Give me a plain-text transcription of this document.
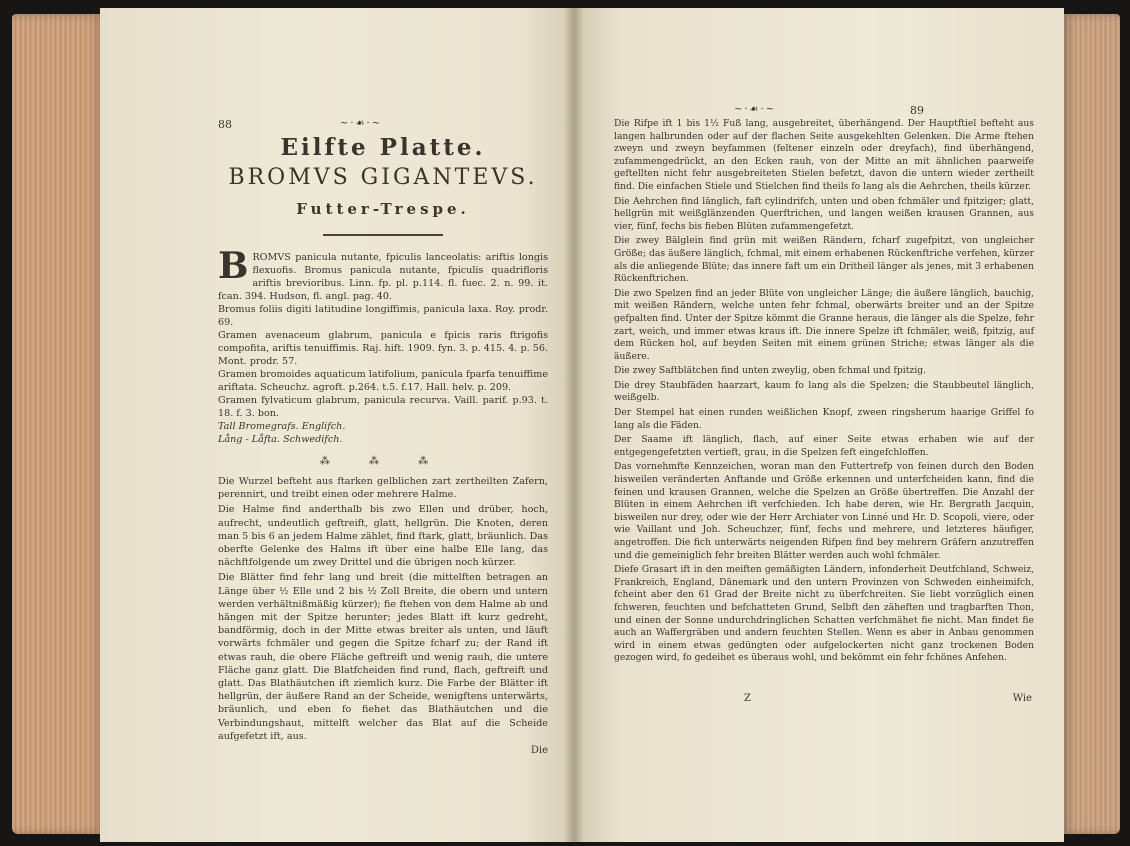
88	~·☙·~
Eilfte Platte.
BROMVS GIGANTEVS.
Futter-Trespe.

BROMVS panicula nutante, fpiculis lanceolatis: ariftis longis flexuofis. Bromus panicula nutante, fpiculis quadrifloris ariftis brevioribus. Linn. fp. pl. p.114. fl. fuec. 2. n. 99. it. fcan. 394. Hudson, fl. angl. pag. 40.

Bromus foliis digiti latitudine longiffimis, panicula laxa. Roy. prodr. 69.

Gramen avenaceum glabrum, panicula e fpicis raris ftrigofis compofita, ariftis tenuiffimis. Raj. hift. 1909. fyn. 3. p. 415. 4. p. 56. Mont. prodr. 57.

Gramen bromoides aquaticum latifolium, panicula fparfa tenuiffime ariftata. Scheuchz. agroft. p.264. t.5. f.17. Hall. helv. p. 209.

Gramen fylvaticum glabrum, panicula recurva. Vaill. parif. p.93. t. 18. f. 3. bon.

Tall Bromegrafs. Englifch.

Lång - Låfta. Schwedifch.

⁂ ⁂ ⁂

Die Wurzel befteht aus ftarken gelblichen zart zertheilten Zafern, perennirt, und treibt einen oder mehrere Halme.

Die Halme find anderthalb bis zwo Ellen und drüber, hoch, aufrecht, undeutlich geftreift, glatt, hellgrün. Die Knoten, deren man 5 bis 6 an jedem Halme zählet, find ftark, glatt, bräunlich. Das oberfte Gelenke des Halms ift über eine halbe Elle lang, das nächftfolgende um zwey Drittel und die übrigen noch kürzer.

Die Blätter find fehr lang und breit (die mittelften betragen an Länge über ½ Elle und 2 bis ½ Zoll Breite, die obern und untern werden verhältnißmäßig kürzer); fie ftehen von dem Halme ab und hängen mit der Spitze herunter; jedes Blatt ift kurz gedreht, bandförmig, doch in der Mitte etwas breiter als unten, und läuft vorwärts fchmäler und gegen die Spitze fcharf zu; der Rand ift etwas rauh, die obere Fläche geftreift und wenig rauh, die untere Fläche ganz glatt. Die Blatfcheiden find rund, flach, geftreift und glatt. Das Blathäutchen ift ziemlich kurz. Die Farbe der Blätter ift hellgrün, der äußere Rand an der Scheide, wenigftens unterwärts, bräunlich, und eben fo fiehet das Blathäutchen und die Verbindungshaut, mittelft welcher das Blat auf die Scheide aufgefetzt ift, aus.

Die
~·☙·~	89

Die Rifpe ift 1 bis 1½ Fuß lang, ausgebreitet, überhängend. Der Hauptftiel befteht aus langen halbrunden oder auf der flachen Seite ausgekehlten Gelenken. Die Arme ftehen zweyn und zweyn beyfammen (feltener einzeln oder dreyfach), find überhängend, zufammengedrückt, an den Ecken rauh, von der Mitte an mit ähnlichen paarweife geftellten nicht fehr ausgebreiteten Stielen befetzt, davon die untern wieder zertheilt find. Die einfachen Stiele und Stielchen find theils fo lang als die Aehrchen, theils kürzer.

Die Aehrchen find länglich, faft cylindrifch, unten und oben fchmäler und fpitziger; glatt, hellgrün mit weißglänzenden Querftrichen, und langen weißen krausen Grannen, aus vier, fünf, fechs bis fieben Blüten zufammengefetzt.

Die zwey Bälglein find grün mit weißen Rändern, fcharf zugefpitzt, von ungleicher Größe; das äußere länglich, fchmal, mit einem erhabenen Rückenftriche verfehen, kürzer als die anliegende Blüte; das innere faft um ein Dritheil länger als jenes, mit 3 erhabenen Rückenftrichen.

Die zwo Spelzen find an jeder Blüte von ungleicher Länge; die äußere länglich, bauchig, mit weißen Rändern, welche unten fehr fchmal, oberwärts breiter und an der Spitze gefpalten find. Unter der Spitze kömmt die Granne heraus, die länger als die Spelze, fehr zart, weich, und immer etwas kraus ift. Die innere Spelze ift fchmäler, weiß, fpitzig, auf dem Rücken hol, auf beyden Seiten mit einem grünen Striche; etwas länger als die äußere.

Die zwey Saftblätchen find unten zweylig, oben fchmal und fpitzig.

Die drey Staubfäden haarzart, kaum fo lang als die Spelzen; die Staubbeutel länglich, weißgelb.

Der Stempel hat einen runden weißlichen Knopf, zween ringsherum haarige Griffel fo lang als die Fäden.

Der Saame ift länglich, flach, auf einer Seite etwas erhaben wie auf der entgegengefetzten vertieft, grau, in die Spelzen feft eingefchloffen.

Das vornehmfte Kennzeichen, woran man den Futtertrefp von feinen durch den Boden bisweilen veränderten Anftande und Größe erkennen und unterfcheiden kann, find die feinen und krausen Grannen, welche die Spelzen an Größe übertreffen. Die Anzahl der Blüten in einem Aehrchen ift verfchieden. Ich habe deren, wie Hr. Bergrath Jacquin, bisweilen nur drey, oder wie der Herr Archiater von Linné und Hr. D. Scopoli, viere, oder wie Vaillant und Joh. Scheuchzer, fünf, fechs und mehrere, und letzteres häufiger, angetroffen. Die fich unterwärts neigenden Rifpen find bey mehrern Gräfern anzutreffen und die gemeiniglich fehr breiten Blätter werden auch wohl fchmäler.

Diefe Grasart ift in den meiften gemäßigten Ländern, infonderheit Deutfchland, Schweiz, Frankreich, England, Dänemark und den untern Provinzen von Schweden einheimifch, fcheint aber den 61 Grad der Breite nicht zu überfchreiten. Sie liebt vorzüglich einen fchweren, feuchten und befchatteten Grund, Selbft den zäheften und tragbarften Thon, und einen der Sonne undurchdringlichen Schatten verfchmähet fie nicht. Man findet fie auch an Waffergräben und andern feuchten Stellen. Wenn es aber in Anbau genommen wird in einem etwas gedüngten oder aufgelockerten nicht ganz trockenen Boden gezogen wird, fo gedeihet es überaus wohl, und bekömmt ein fehr fchönes Anfehen.

Z	Wie
